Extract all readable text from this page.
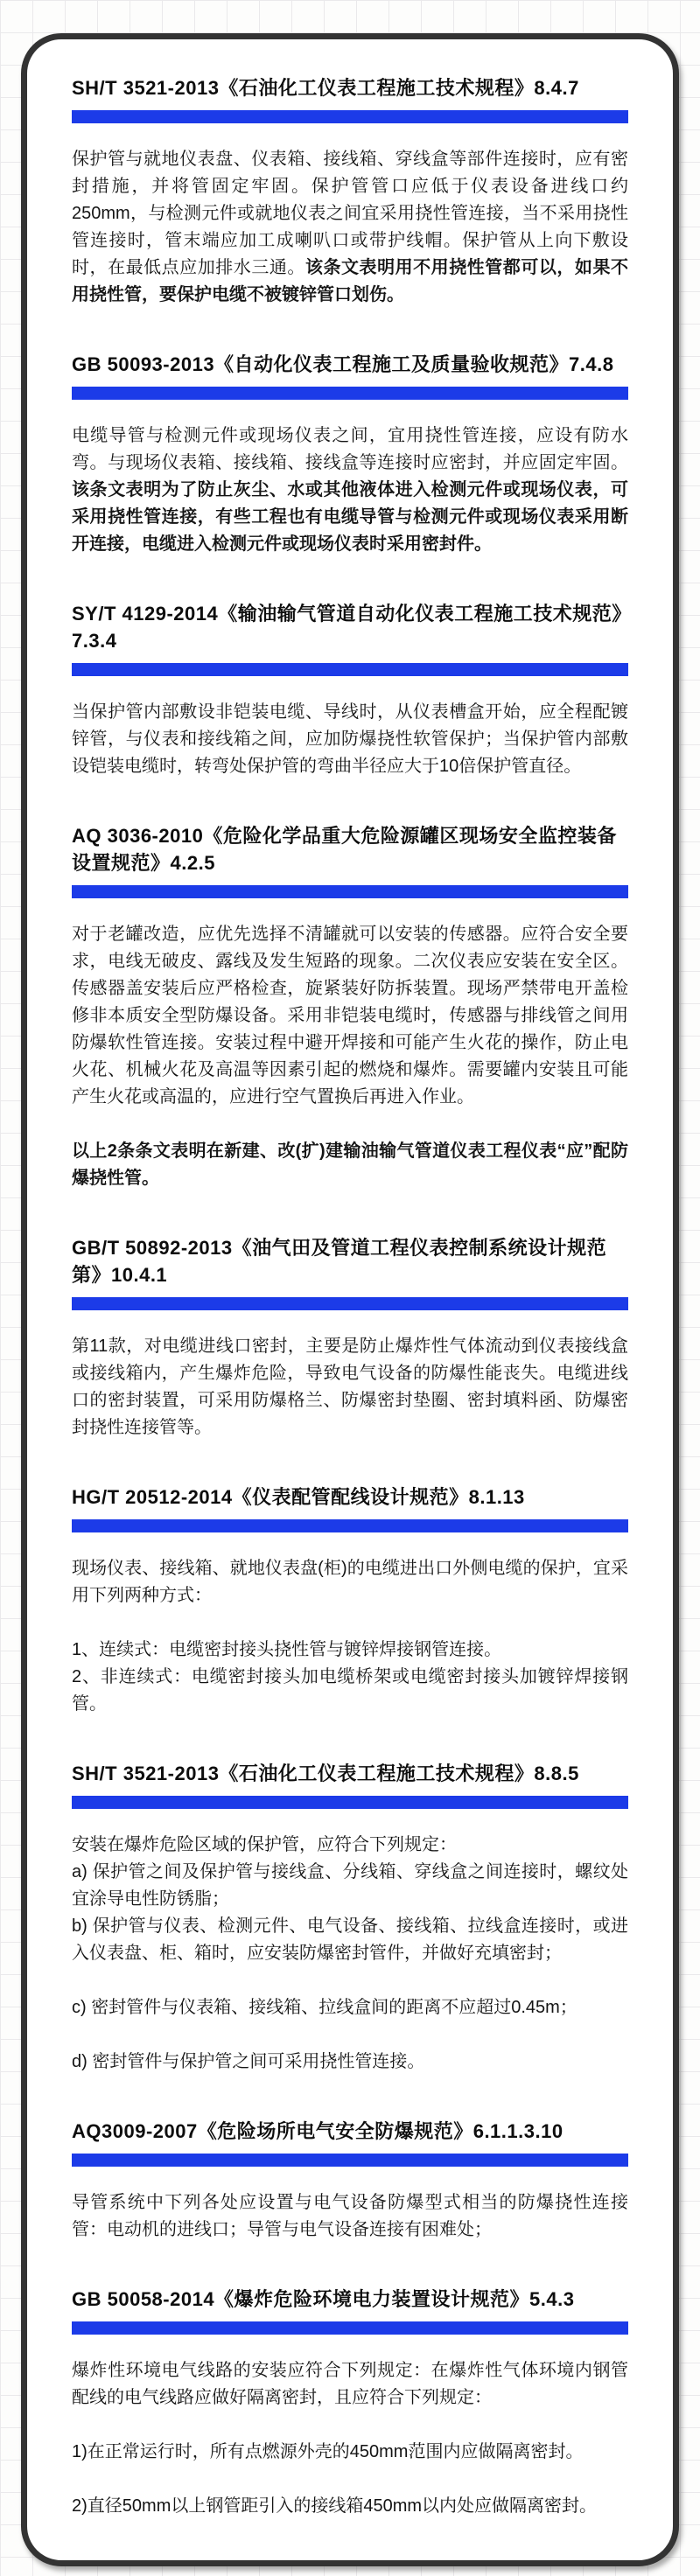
SH/T 3521-2013《石油化工仪表工程施工技术规程》8.4.7

保护管与就地仪表盘、仪表箱、接线箱、穿线盒等部件连接时，应有密封措施，并将管固定牢固。保护管管口应低于仪表设备进线口约250mm，与检测元件或就地仪表之间宜采用挠性管连接，当不采用挠性管连接时，管末端应加工成喇叭口或带护线帽。保护管从上向下敷设时，在最低点应加排水三通。该条文表明用不用挠性管都可以，如果不用挠性管，要保护电缆不被镀锌管口划伤。

GB 50093-2013《自动化仪表工程施工及质量验收规范》7.4.8

电缆导管与检测元件或现场仪表之间，宜用挠性管连接，应设有防水弯。与现场仪表箱、接线箱、接线盒等连接时应密封，并应固定牢固。该条文表明为了防止灰尘、水或其他液体进入检测元件或现场仪表，可采用挠性管连接，有些工程也有电缆导管与检测元件或现场仪表采用断开连接，电缆进入检测元件或现场仪表时采用密封件。

SY/T 4129-2014《输油输气管道自动化仪表工程施工技术规范》7.3.4

当保护管内部敷设非铠装电缆、导线时，从仪表槽盒开始，应全程配镀锌管，与仪表和接线箱之间，应加防爆挠性软管保护；当保护管内部敷设铠装电缆时，转弯处保护管的弯曲半径应大于10倍保护管直径。

AQ 3036-2010《危险化学品重大危险源罐区现场安全监控装备设置规范》4.2.5

对于老罐改造，应优先选择不清罐就可以安装的传感器。应符合安全要求，电线无破皮、露线及发生短路的现象。二次仪表应安装在安全区。传感器盖安装后应严格检查，旋紧装好防拆装置。现场严禁带电开盖检修非本质安全型防爆设备。采用非铠装电缆时，传感器与排线管之间用防爆软性管连接。安装过程中避开焊接和可能产生火花的操作，防止电火花、机械火花及高温等因素引起的燃烧和爆炸。需要罐内安装且可能产生火花或高温的，应进行空气置换后再进入作业。

以上2条条文表明在新建、改(扩)建输油输气管道仪表工程仪表“应”配防爆挠性管。

GB/T 50892-2013《油气田及管道工程仪表控制系统设计规范第》10.4.1

第11款，对电缆进线口密封，主要是防止爆炸性气体流动到仪表接线盒或接线箱内，产生爆炸危险，导致电气设备的防爆性能丧失。电缆进线口的密封装置，可采用防爆格兰、防爆密封垫圈、密封填料函、防爆密封挠性连接管等。

HG/T 20512-2014《仪表配管配线设计规范》8.1.13

现场仪表、接线箱、就地仪表盘(柜)的电缆进出口外侧电缆的保护，宜采用下列两种方式：

1、连续式：电缆密封接头挠性管与镀锌焊接钢管连接。

2、非连续式：电缆密封接头加电缆桥架或电缆密封接头加镀锌焊接钢管。

SH/T 3521-2013《石油化工仪表工程施工技术规程》8.8.5

安装在爆炸危险区域的保护管，应符合下列规定：

a) 保护管之间及保护管与接线盒、分线箱、穿线盒之间连接时，螺纹处宜涂导电性防锈脂；

b) 保护管与仪表、检测元件、电气设备、接线箱、拉线盒连接时，或进入仪表盘、柜、箱时，应安装防爆密封管件，并做好充填密封；

c) 密封管件与仪表箱、接线箱、拉线盒间的距离不应超过0.45m；

d) 密封管件与保护管之间可采用挠性管连接。

AQ3009-2007《危险场所电气安全防爆规范》6.1.1.3.10

导管系统中下列各处应设置与电气设备防爆型式相当的防爆挠性连接管：电动机的进线口；导管与电气设备连接有困难处；

GB 50058-2014《爆炸危险环境电力装置设计规范》5.4.3

爆炸性环境电气线路的安装应符合下列规定：在爆炸性气体环境内钢管配线的电气线路应做好隔离密封，且应符合下列规定：

1)在正常运行时，所有点燃源外壳的450mm范围内应做隔离密封。

2)直径50mm以上钢管距引入的接线箱450mm以内处应做隔离密封。
